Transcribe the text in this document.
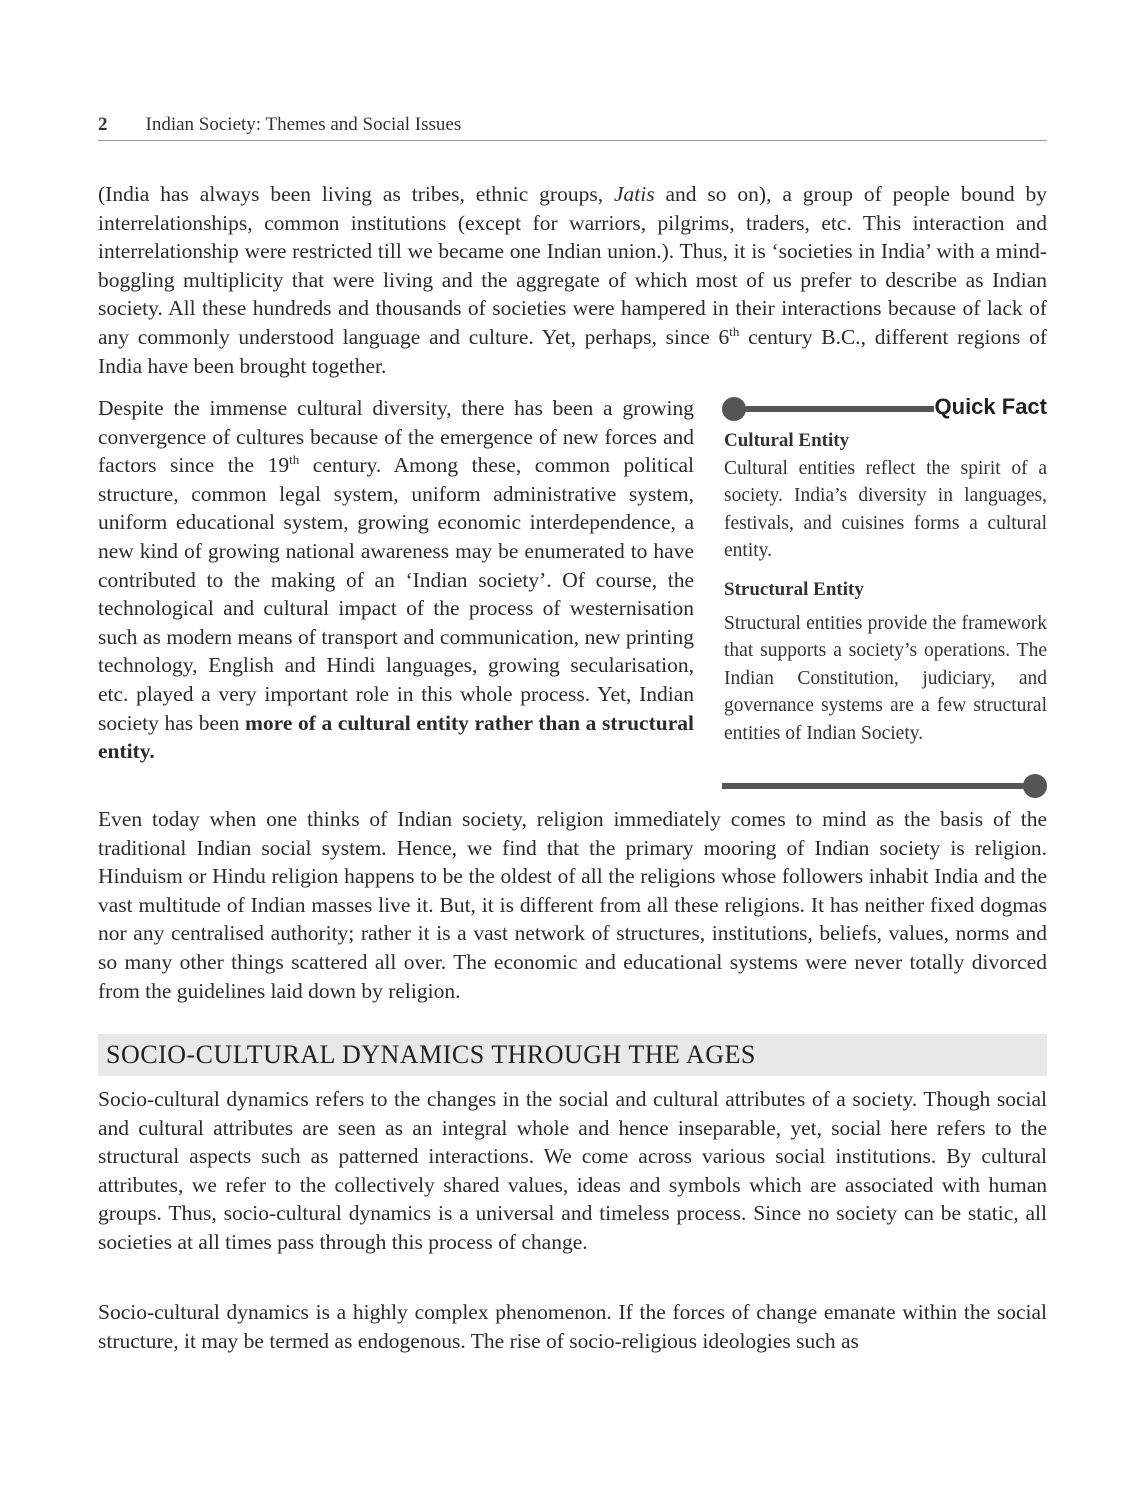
2 Indian Society: Themes and Social Issues

(India has always been living as tribes, ethnic groups, Jatis and so on), a group of people bound by interrelationships, common institutions (except for warriors, pilgrims, traders, etc. This interaction and interrelationship were restricted till we became one Indian union.). Thus, it is ‘societies in India’ with a mind-boggling multiplicity that were living and the aggregate of which most of us prefer to describe as Indian society. All these hundreds and thousands of societies were hampered in their interactions because of lack of any commonly understood language and culture. Yet, perhaps, since 6th century B.C., different regions of India have been brought together.

Despite the immense cultural diversity, there has been a growing convergence of cultures because of the emergence of new forces and factors since the 19th century. Among these, common political structure, common legal system, uniform administrative system, uniform educational system, growing economic interdependence, a new kind of growing national awareness may be enumerated to have contributed to the making of an ‘Indian society’. Of course, the technological and cultural impact of the process of westernisation such as modern means of transport and communication, new printing technology, English and Hindi languages, growing secularisation, etc. played a very important role in this whole process. Yet, Indian society has been more of a cultural entity rather than a structural entity.

Quick Fact
Cultural Entity

Cultural entities reflect the spirit of a society. India’s diversity in languages, festivals, and cuisines forms a cultural entity.

Structural Entity

Structural entities provide the framework that supports a society’s operations. The Indian Constitution, judiciary, and governance systems are a few structural entities of Indian Society.

Even today when one thinks of Indian society, religion immediately comes to mind as the basis of the traditional Indian social system. Hence, we find that the primary mooring of Indian society is religion. Hinduism or Hindu religion happens to be the oldest of all the religions whose followers inhabit India and the vast multitude of Indian masses live it. But, it is different from all these religions. It has neither fixed dogmas nor any centralised authority; rather it is a vast network of structures, institutions, beliefs, values, norms and so many other things scattered all over. The economic and educational systems were never totally divorced from the guidelines laid down by religion.

SOCIO-CULTURAL DYNAMICS THROUGH THE AGES

Socio-cultural dynamics refers to the changes in the social and cultural attributes of a society. Though social and cultural attributes are seen as an integral whole and hence inseparable, yet, social here refers to the structural aspects such as patterned interactions. We come across various social institutions. By cultural attributes, we refer to the collectively shared values, ideas and symbols which are associated with human groups. Thus, socio-cultural dynamics is a universal and timeless process. Since no society can be static, all societies at all times pass through this process of change.

Socio-cultural dynamics is a highly complex phenomenon. If the forces of change emanate within the social structure, it may be termed as endogenous. The rise of socio-religious ideologies such as
